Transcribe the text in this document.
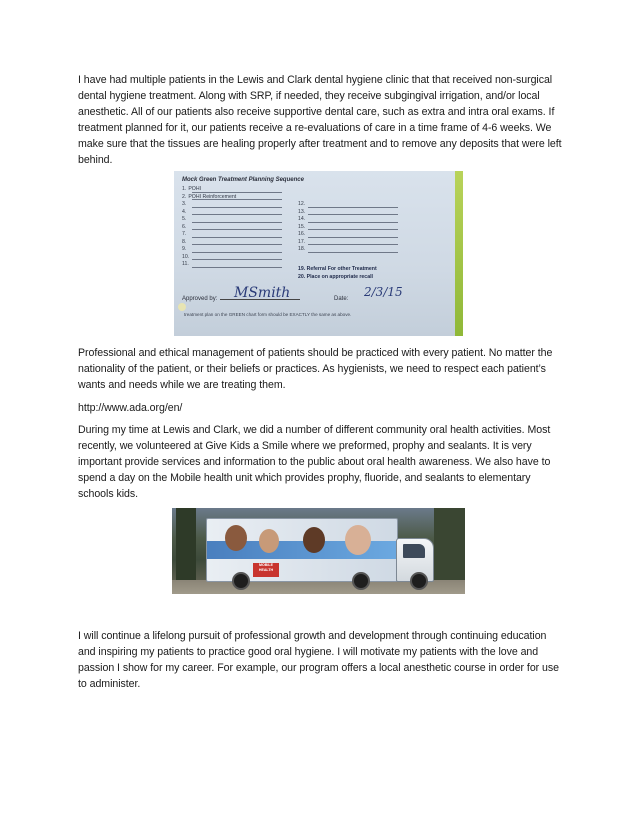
I have had multiple patients in the Lewis and Clark dental hygiene clinic that that received non-surgical dental hygiene treatment. Along with SRP, if needed, they receive subgingival irrigation, and/or local anesthetic. All of our patients also receive supportive dental care, such as extra and intra oral exams. If treatment planned for it, our patients receive a re-evaluations of care in a time frame of 4-6 weeks. We make sure that the tissues are healing properly after treatment and to remove any deposits that were left behind.

Mock Green Treatment Planning Sequence
1. POHI
2. POHI Reinforcement
3.
4.
5.
6.
7.
8.
9.
10.
11.
12.
13.
14.
15.
16.
17.
18.
19. Referral For other Treatment
20. Place on appropriate recall
Approved by:	MSmith	Date: 2/3/15
treatment plan on the GREEN chart form should be EXACTLY the same as above.

Professional and ethical management of patients should be practiced with every patient. No matter the nationality of the patient, or their beliefs or practices. As hygienists, we need to respect each patient’s wants and needs while we are treating them.

http://www.ada.org/en/

During my time at Lewis and Clark, we did a number of different community oral health activities. Most recently, we volunteered at Give Kids a Smile where we preformed, prophy and sealants. It is very important provide services and information to the public about oral health awareness. We also have to spend a day on the Mobile health unit which provides prophy, fluoride, and sealants to elementary schools kids.

MOBILE HEALTH

I will continue a lifelong pursuit of professional growth and development through continuing education and inspiring my patients to practice good oral hygiene. I will motivate my patients with the love and passion I show for my career. For example, our program offers a local anesthetic course in order for use to administer.
